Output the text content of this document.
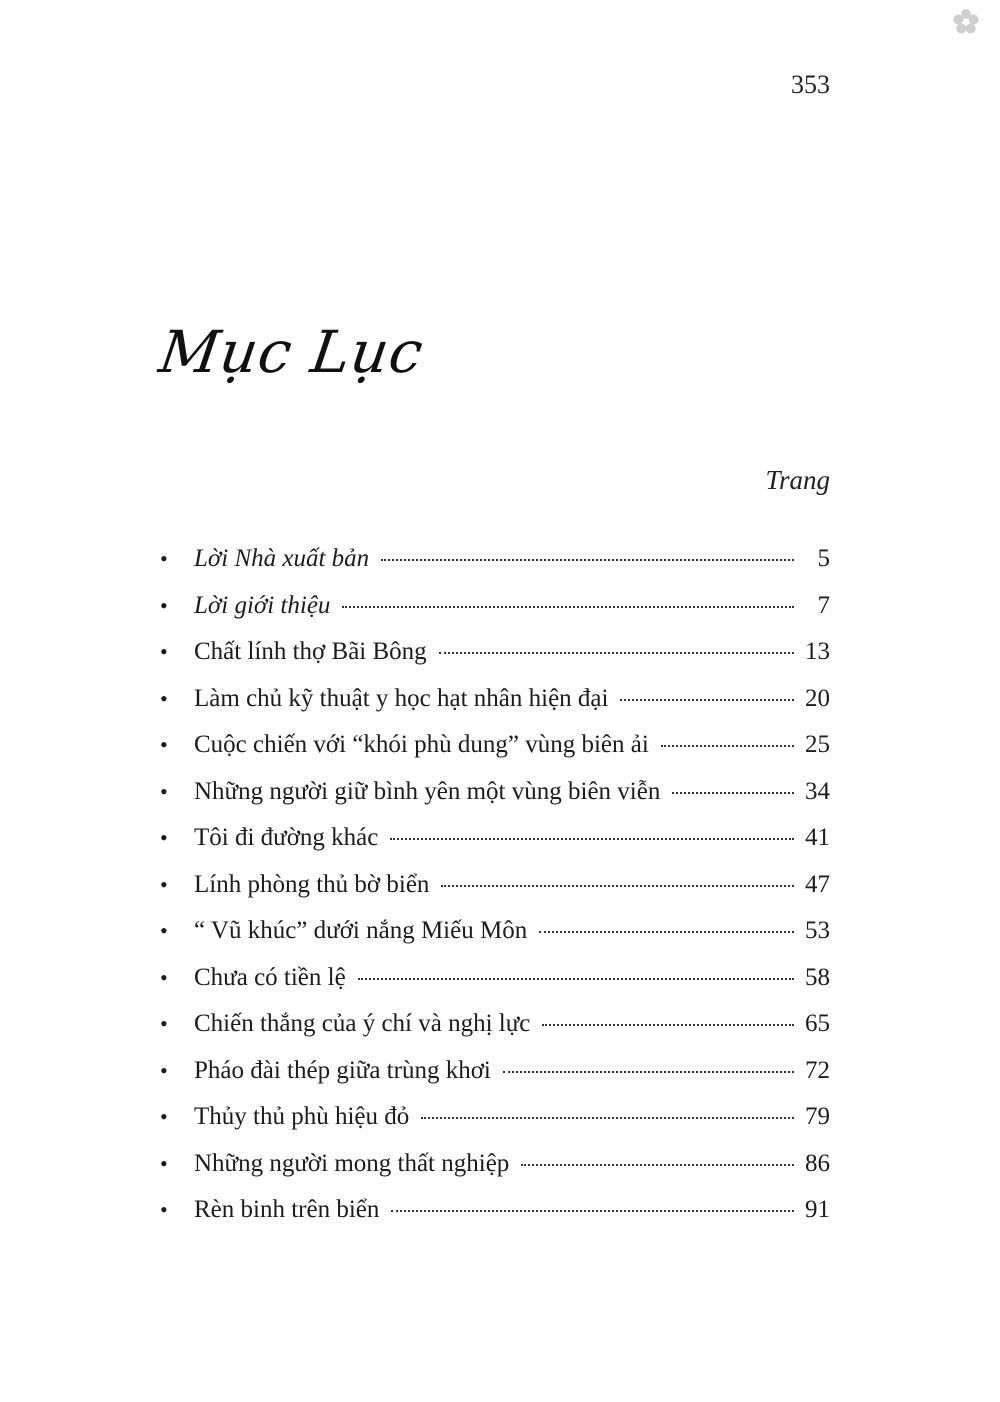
353
Mục Lục
Trang
•	Lời Nhà xuất bản	5
•	Lời giới thiệu	7
•	Chất lính thợ Bãi Bông	13
•	Làm chủ kỹ thuật y học hạt nhân hiện đại	20
•	Cuộc chiến với “khói phù dung” vùng biên ải	25
•	Những người giữ bình yên một vùng biên viễn	34
•	Tôi đi đường khác	41
•	Lính phòng thủ bờ biển	47
•	“ Vũ khúc” dưới nắng Miếu Môn	53
•	Chưa có tiền lệ	58
•	Chiến thắng của ý chí và nghị lực	65
•	Pháo đài thép giữa trùng khơi	72
•	Thủy thủ phù hiệu đỏ	79
•	Những người mong thất nghiệp	86
•	Rèn binh trên biển	91
